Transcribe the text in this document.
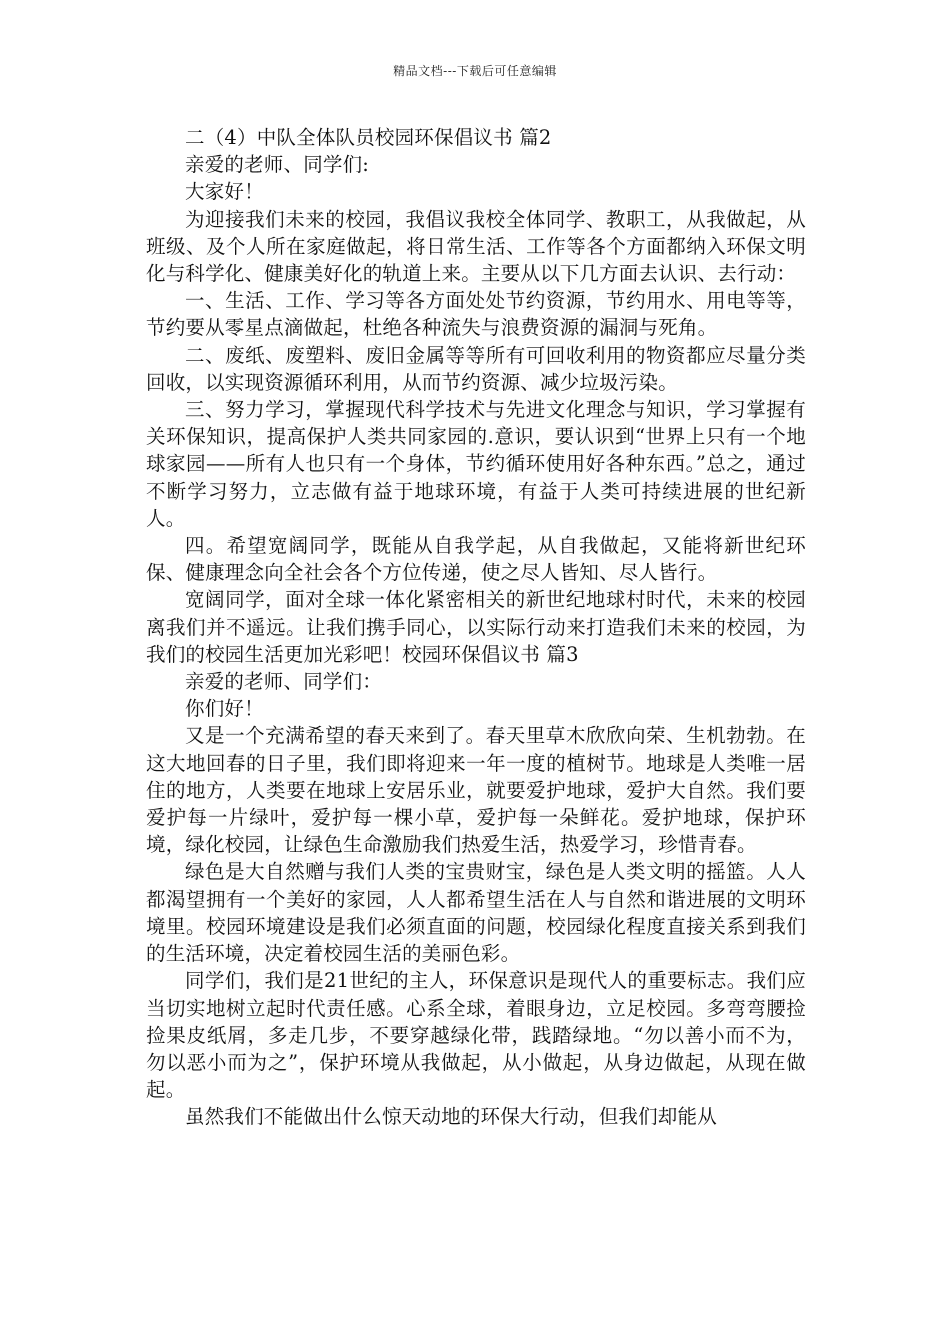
精品文档---下载后可任意编辑

二（4）中队全体队员校园环保倡议书 篇2

亲爱的老师、同学们:

大家好！

为迎接我们未来的校园，我倡议我校全体同学、教职工，从我做起，从班级、及个人所在家庭做起，将日常生活、工作等各个方面都纳入环保文明化与科学化、健康美好化的轨道上来。主要从以下几方面去认识、去行动：

一、生活、工作、学习等各方面处处节约资源，节约用水、用电等等，节约要从零星点滴做起，杜绝各种流失与浪费资源的漏洞与死角。

二、废纸、废塑料、废旧金属等等所有可回收利用的物资都应尽量分类回收，以实现资源循环利用，从而节约资源、减少垃圾污染。

三、努力学习，掌握现代科学技术与先进文化理念与知识，学习掌握有关环保知识，提高保护人类共同家园的.意识，要认识到“世界上只有一个地球家园——所有人也只有一个身体，节约循环使用好各种东西。”总之，通过不断学习努力，立志做有益于地球环境，有益于人类可持续进展的世纪新人。

四。希望宽阔同学，既能从自我学起，从自我做起，又能将新世纪环保、健康理念向全社会各个方位传递，使之尽人皆知、尽人皆行。

宽阔同学，面对全球一体化紧密相关的新世纪地球村时代，未来的校园离我们并不遥远。让我们携手同心，以实际行动来打造我们未来的校园，为我们的校园生活更加光彩吧！校园环保倡议书 篇3

亲爱的老师、同学们：

你们好！

又是一个充满希望的春天来到了。春天里草木欣欣向荣、生机勃勃。在这大地回春的日子里，我们即将迎来一年一度的植树节。地球是人类唯一居住的地方，人类要在地球上安居乐业，就要爱护地球，爱护大自然。我们要爱护每一片绿叶，爱护每一棵小草，爱护每一朵鲜花。爱护地球，保护环境，绿化校园，让绿色生命激励我们热爱生活，热爱学习，珍惜青春。

绿色是大自然赠与我们人类的宝贵财宝，绿色是人类文明的摇篮。人人都渴望拥有一个美好的家园，人人都希望生活在人与自然和谐进展的文明环境里。校园环境建设是我们必须直面的问题，校园绿化程度直接关系到我们的生活环境，决定着校园生活的美丽色彩。

同学们，我们是21世纪的主人，环保意识是现代人的重要标志。我们应当切实地树立起时代责任感。心系全球，着眼身边，立足校园。多弯弯腰捡捡果皮纸屑，多走几步，不要穿越绿化带，践踏绿地。“勿以善小而不为，勿以恶小而为之”，保护环境从我做起，从小做起，从身边做起，从现在做起。

虽然我们不能做出什么惊天动地的环保大行动，但我们却能从
